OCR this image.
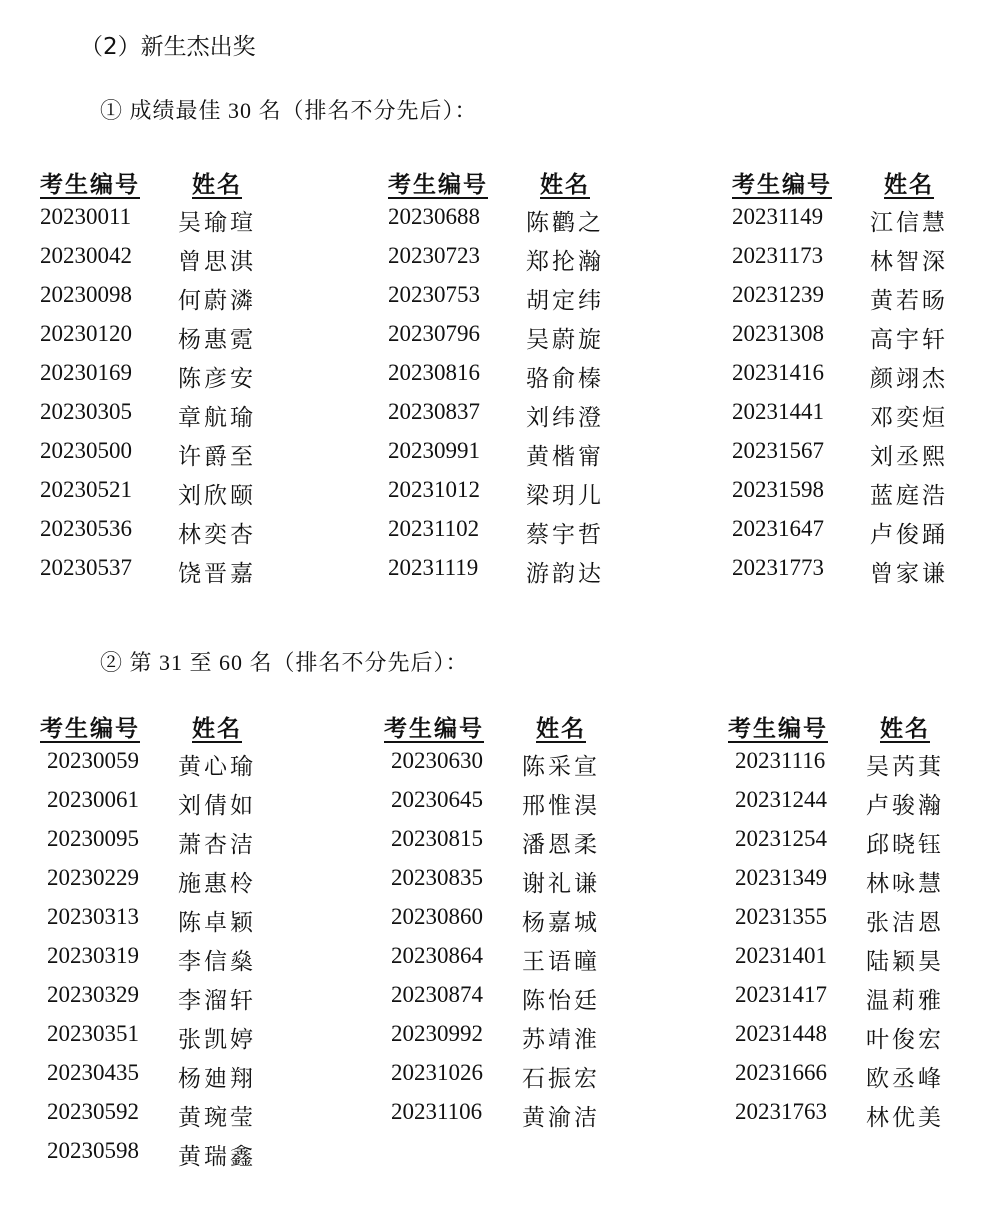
（2）新生杰出奖
① 成绩最佳 30 名（排名不分先后）：
考生编号 姓名
20230011 吴瑜瑄
20230042 曾思淇
20230098 何蔚潾
20230120 杨惠霓
20230169 陈彦安
20230305 章航瑜
20230500 许爵至
20230521 刘欣颐
20230536 林奕杏
20230537 饶晋嘉
考生编号 姓名
20230688 陈鹳之
20230723 郑抡瀚
20230753 胡定纬
20230796 吴蔚旋
20230816 骆俞榛
20230837 刘纬澄
20230991 黄楷甯
20231012 梁玥儿
20231102 蔡宇哲
20231119 游韵达
考生编号 姓名
20231149 江信慧
20231173 林智深
20231239 黄若旸
20231308 高宇轩
20231416 颜翊杰
20231441 邓奕烜
20231567 刘丞熙
20231598 蓝庭浩
20231647 卢俊踊
20231773 曾家谦
② 第 31 至 60 名（排名不分先后）：
考生编号 姓名
20230059 黄心瑜
20230061 刘倩如
20230095 萧杏洁
20230229 施惠柃
20230313 陈卓颖
20230319 李信燊
20230329 李溜轩
20230351 张凯婷
20230435 杨廸翔
20230592 黄琬莹
20230598 黄瑞鑫
考生编号 姓名
20230630 陈采宣
20230645 邢惟淏
20230815 潘恩柔
20230835 谢礼谦
20230860 杨嘉城
20230864 王语曈
20230874 陈怡廷
20230992 苏靖淮
20231026 石振宏
20231106 黄渝洁
考生编号 姓名
20231116 吴芮萁
20231244 卢骏瀚
20231254 邱晓钰
20231349 林咏慧
20231355 张洁恩
20231401 陆颖昊
20231417 温莉雅
20231448 叶俊宏
20231666 欧丞峰
20231763 林优美
